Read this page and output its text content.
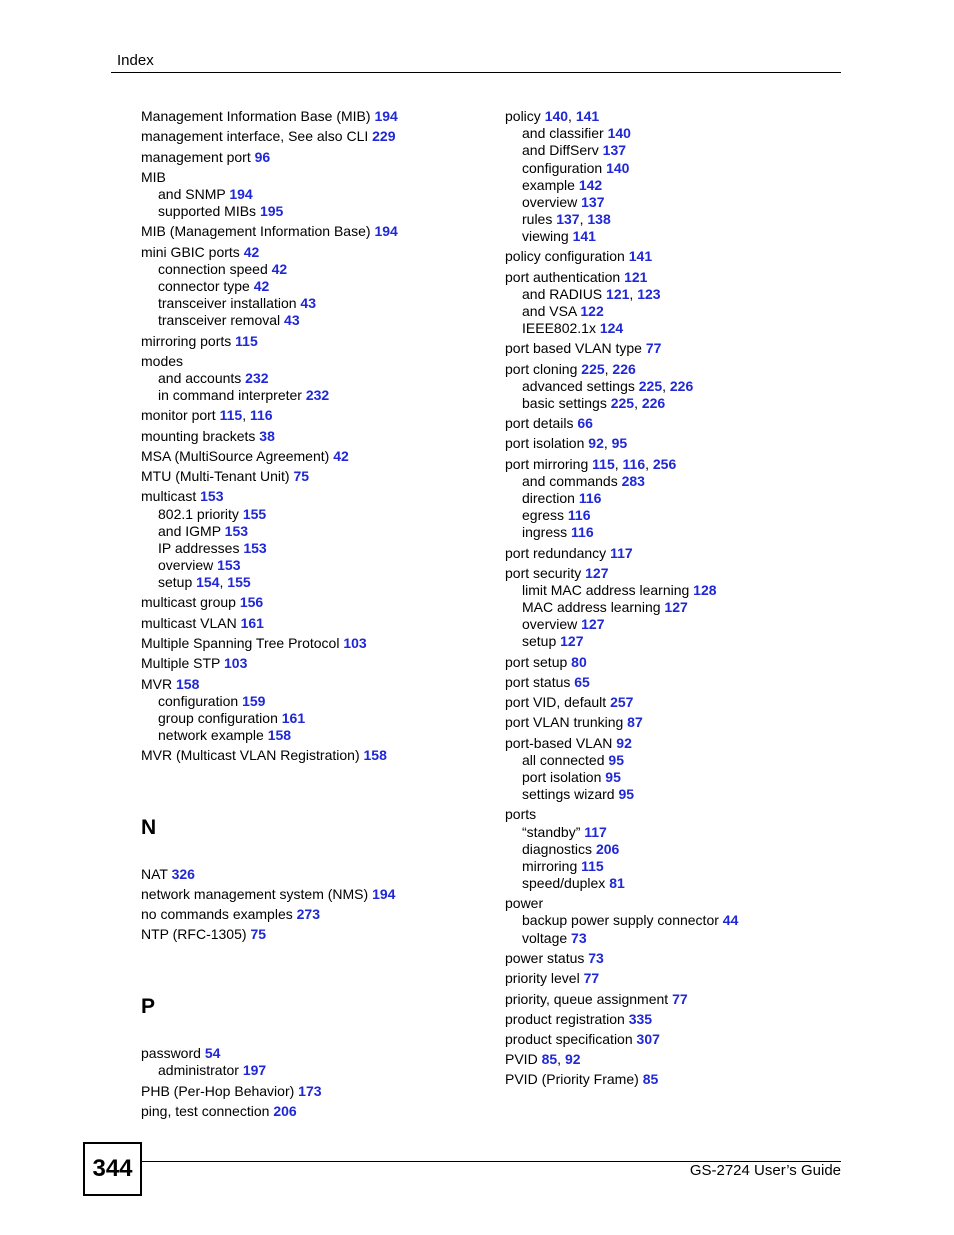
Index
Management Information Base (MIB) 194
management interface, See also CLI 229
management port 96
MIB
and SNMP 194
supported MIBs 195
MIB (Management Information Base) 194
mini GBIC ports 42
connection speed 42
connector type 42
transceiver installation 43
transceiver removal 43
mirroring ports 115
modes
and accounts 232
in command interpreter 232
monitor port 115, 116
mounting brackets 38
MSA (MultiSource Agreement) 42
MTU (Multi-Tenant Unit) 75
multicast 153
802.1 priority 155
and IGMP 153
IP addresses 153
overview 153
setup 154, 155
multicast group 156
multicast VLAN 161
Multiple Spanning Tree Protocol 103
Multiple STP 103
MVR 158
configuration 159
group configuration 161
network example 158
MVR (Multicast VLAN Registration) 158
N
NAT 326
network management system (NMS) 194
no commands examples 273
NTP (RFC-1305) 75
P
password 54
administrator 197
PHB (Per-Hop Behavior) 173
ping, test connection 206
policy 140, 141
and classifier 140
and DiffServ 137
configuration 140
example 142
overview 137
rules 137, 138
viewing 141
policy configuration 141
port authentication 121
and RADIUS 121, 123
and VSA 122
IEEE802.1x 124
port based VLAN type 77
port cloning 225, 226
advanced settings 225, 226
basic settings 225, 226
port details 66
port isolation 92, 95
port mirroring 115, 116, 256
and commands 283
direction 116
egress 116
ingress 116
port redundancy 117
port security 127
limit MAC address learning 128
MAC address learning 127
overview 127
setup 127
port setup 80
port status 65
port VID, default 257
port VLAN trunking 87
port-based VLAN 92
all connected 95
port isolation 95
settings wizard 95
ports
“standby” 117
diagnostics 206
mirroring 115
speed/duplex 81
power
backup power supply connector 44
voltage 73
power status 73
priority level 77
priority, queue assignment 77
product registration 335
product specification 307
PVID 85, 92
PVID (Priority Frame) 85
344	GS-2724 User’s Guide
